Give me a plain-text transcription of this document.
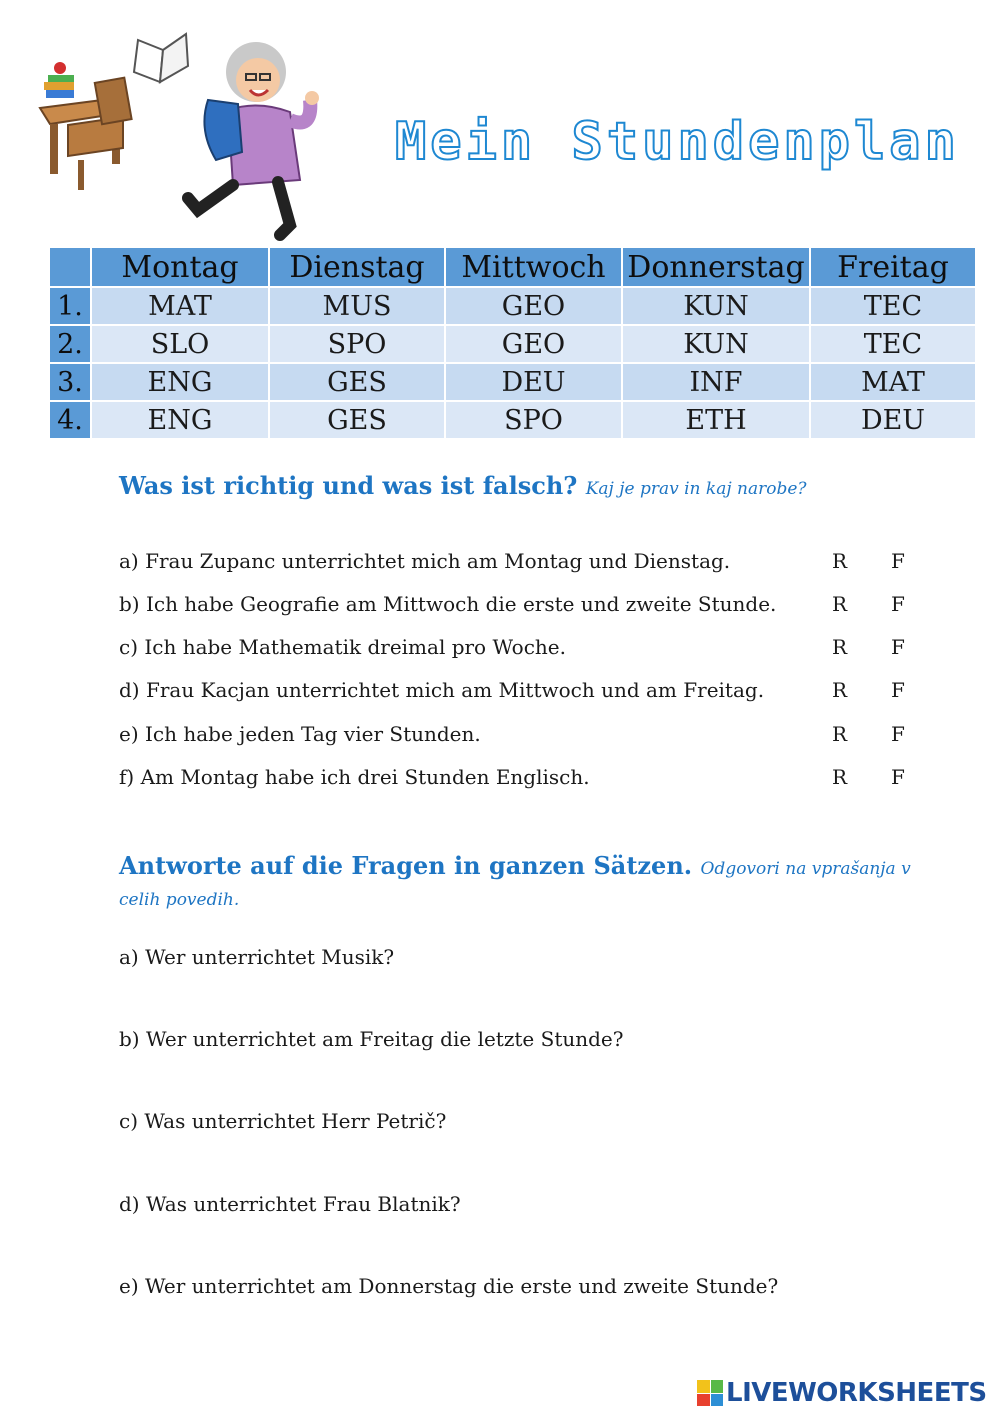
Mein Stundenplan
	Montag	Dienstag	Mittwoch	Donnerstag	Freitag
1.	MAT	MUS	GEO	KUN	TEC
2.	SLO	SPO	GEO	KUN	TEC
3.	ENG	GES	DEU	INF	MAT
4.	ENG	GES	SPO	ETH	DEU
Was ist richtig und was ist falsch? Kaj je prav in kaj narobe?
a) Frau Zupanc unterrichtet mich am Montag und Dienstag.	R F
b) Ich habe Geografie am Mittwoch die erste und zweite Stunde.	R F
c) Ich habe Mathematik dreimal pro Woche.	R F
d) Frau Kacjan unterrichtet mich am Mittwoch und am Freitag.	R F
e) Ich habe jeden Tag vier Stunden.	R F
f) Am Montag habe ich drei Stunden Englisch.	R F
Antworte auf die Fragen in ganzen Sätzen. Odgovori na vprašanja v celih povedih.
a) Wer unterrichtet Musik?
b) Wer unterrichtet am Freitag die letzte Stunde?
c) Was unterrichtet Herr Petrič?
d) Was unterrichtet Frau Blatnik?
e) Wer unterrichtet am Donnerstag die erste und zweite Stunde?
LIVEWORKSHEETS
